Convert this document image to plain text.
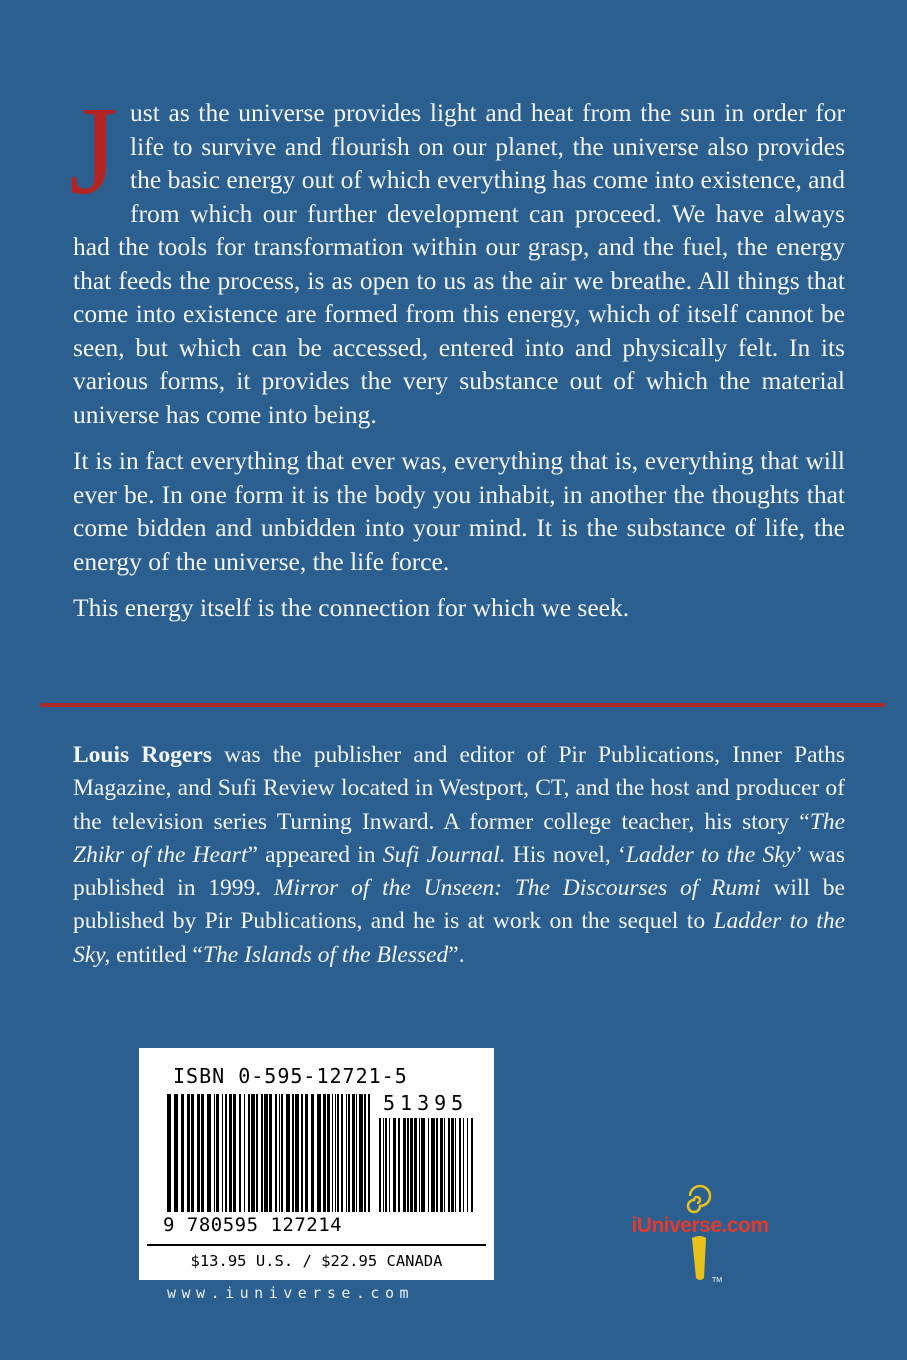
Just as the universe provides light and heat from the sun in order for life to survive and flourish on our planet, the universe also provides the basic energy out of which everything has come into existence, and from which our further development can proceed. We have always had the tools for transformation within our grasp, and the fuel, the energy that feeds the process, is as open to us as the air we breathe. All things that come into existence are formed from this energy, which of itself cannot be seen, but which can be accessed, entered into and physically felt. In its various forms, it provides the very substance out of which the material universe has come into being.

It is in fact everything that ever was, everything that is, everything that will ever be. In one form it is the body you inhabit, in another the thoughts that come bidden and unbidden into your mind. It is the substance of life, the energy of the universe, the life force.

This energy itself is the connection for which we seek.

Louis Rogers was the publisher and editor of Pir Publications, Inner Paths Magazine, and Sufi Review located in Westport, CT, and the host and producer of the television series Turning Inward. A former college teacher, his story “The Zhikr of the Heart” appeared in Sufi Journal. His novel, ‘Ladder to the Sky’ was published in 1999. Mirror of the Unseen: The Discourses of Rumi will be published by Pir Publications, and he is at work on the sequel to Ladder to the Sky, entitled “The Islands of the Blessed”.
ISBN 0-595-12721-5
51395
9 780595 127214
$13.95 U.S. / $22.95 CANADA
www.iuniverse.com
TM
iUniverse.com
